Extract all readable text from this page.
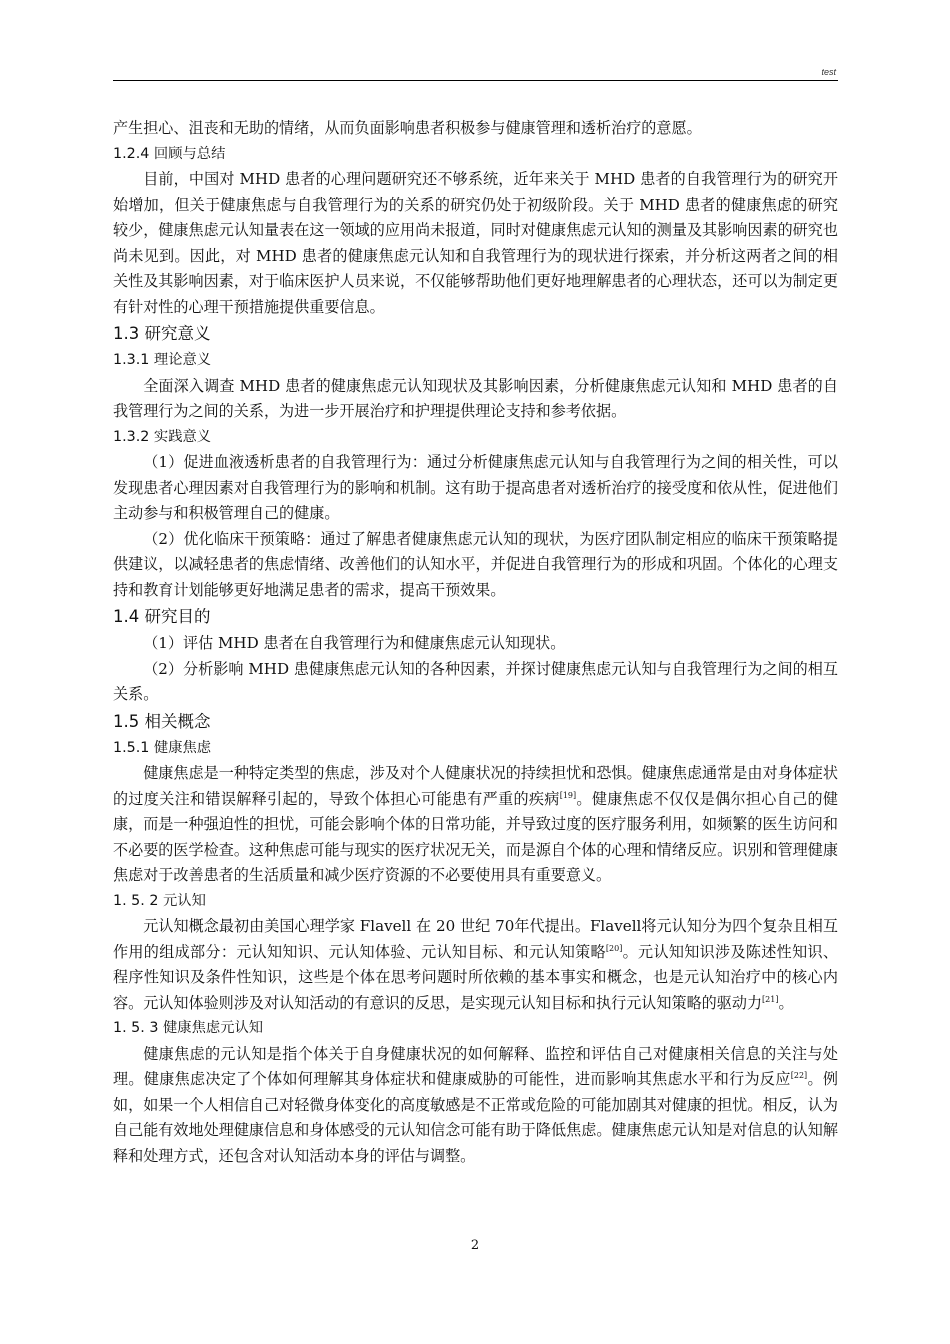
test

产生担心、沮丧和无助的情绪，从而负面影响患者积极参与健康管理和透析治疗的意愿。

1.2.4 回顾与总结

目前，中国对 MHD 患者的心理问题研究还不够系统，近年来关于 MHD 患者的自我管理行为的研究开始增加，但关于健康焦虑与自我管理行为的关系的研究仍处于初级阶段。关于 MHD 患者的健康焦虑的研究较少，健康焦虑元认知量表在这一领域的应用尚未报道，同时对健康焦虑元认知的测量及其影响因素的研究也尚未见到。因此，对 MHD 患者的健康焦虑元认知和自我管理行为的现状进行探索，并分析这两者之间的相关性及其影响因素，对于临床医护人员来说，不仅能够帮助他们更好地理解患者的心理状态，还可以为制定更有针对性的心理干预措施提供重要信息。

1.3 研究意义

1.3.1 理论意义

全面深入调查 MHD 患者的健康焦虑元认知现状及其影响因素，分析健康焦虑元认知和 MHD 患者的自我管理行为之间的关系，为进一步开展治疗和护理提供理论支持和参考依据。

1.3.2 实践意义

（1）促进血液透析患者的自我管理行为：通过分析健康焦虑元认知与自我管理行为之间的相关性，可以发现患者心理因素对自我管理行为的影响和机制。这有助于提高患者对透析治疗的接受度和依从性，促进他们主动参与和积极管理自己的健康。

（2）优化临床干预策略：通过了解患者健康焦虑元认知的现状，为医疗团队制定相应的临床干预策略提供建议，以减轻患者的焦虑情绪、改善他们的认知水平，并促进自我管理行为的形成和巩固。个体化的心理支持和教育计划能够更好地满足患者的需求，提高干预效果。

1.4 研究目的

（1）评估 MHD 患者在自我管理行为和健康焦虑元认知现状。

（2）分析影响 MHD 患健康焦虑元认知的各种因素，并探讨健康焦虑元认知与自我管理行为之间的相互关系。

1.5 相关概念

1.5.1 健康焦虑

健康焦虑是一种特定类型的焦虑，涉及对个人健康状况的持续担忧和恐惧。健康焦虑通常是由对身体症状的过度关注和错误解释引起的，导致个体担心可能患有严重的疾病[19]。健康焦虑不仅仅是偶尔担心自己的健康，而是一种强迫性的担忧，可能会影响个体的日常功能，并导致过度的医疗服务利用，如频繁的医生访问和不必要的医学检查。这种焦虑可能与现实的医疗状况无关，而是源自个体的心理和情绪反应。识别和管理健康焦虑对于改善患者的生活质量和减少医疗资源的不必要使用具有重要意义。

1. 5. 2 元认知

元认知概念最初由美国心理学家 Flavell 在 20 世纪 70年代提出。Flavell将元认知分为四个复杂且相互作用的组成部分：元认知知识、元认知体验、元认知目标、和元认知策略[20]。元认知知识涉及陈述性知识、程序性知识及条件性知识，这些是个体在思考问题时所依赖的基本事实和概念，也是元认知治疗中的核心内容。元认知体验则涉及对认知活动的有意识的反思，是实现元认知目标和执行元认知策略的驱动力[21]。

1. 5. 3 健康焦虑元认知

健康焦虑的元认知是指个体关于自身健康状况的如何解释、监控和评估自己对健康相关信息的关注与处理。健康焦虑决定了个体如何理解其身体症状和健康威胁的可能性，进而影响其焦虑水平和行为反应[22]。例如，如果一个人相信自己对轻微身体变化的高度敏感是不正常或危险的可能加剧其对健康的担忧。相反，认为自己能有效地处理健康信息和身体感受的元认知信念可能有助于降低焦虑。健康焦虑元认知是对信息的认知解释和处理方式，还包含对认知活动本身的评估与调整。

2
